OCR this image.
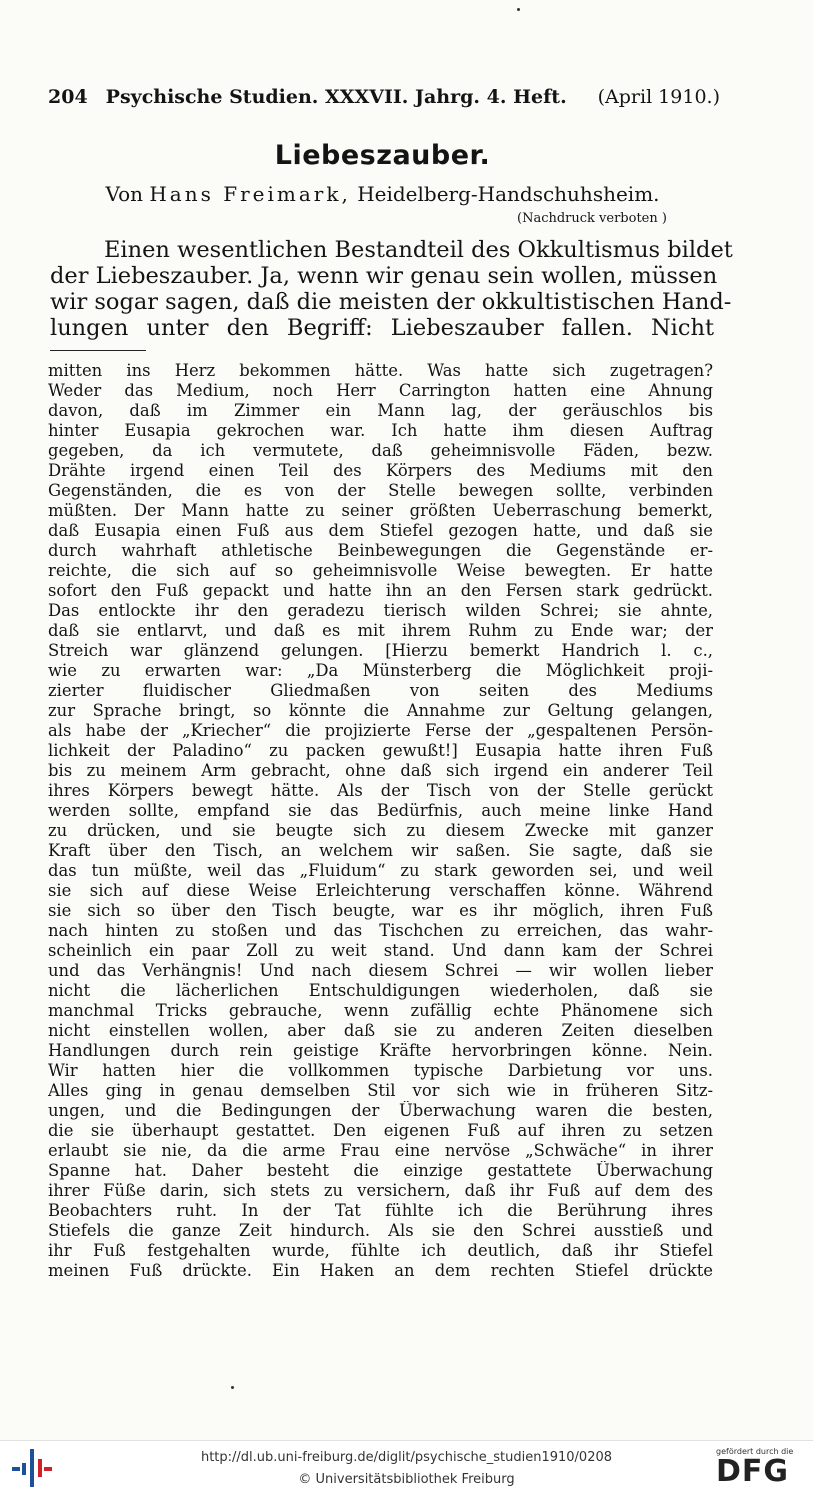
204 Psychische Studien. XXXVII. Jahrg. 4. Heft.	(April 1910.)
Liebeszauber.
Von Hans Freimark, Heidelberg-Handschuhsheim.
(Nachdruck verboten )

Einen wesentlichen Bestandteil des Okkultismus bildet

der Liebeszauber. Ja, wenn wir genau sein wollen, müssen

wir sogar sagen, daß die meisten der okkultistischen Hand-

lungen unter den Begriff: Liebeszauber fallen. Nicht

mitten ins Herz bekommen hätte. Was hatte sich zugetragen?

Weder das Medium, noch Herr Carrington hatten eine Ahnung

davon, daß im Zimmer ein Mann lag, der geräuschlos bis

hinter Eusapia gekrochen war. Ich hatte ihm diesen Auftrag

gegeben, da ich vermutete, daß geheimnisvolle Fäden, bezw.

Drähte irgend einen Teil des Körpers des Mediums mit den

Gegenständen, die es von der Stelle bewegen sollte, verbinden

müßten. Der Mann hatte zu seiner größten Ueberraschung bemerkt,

daß Eusapia einen Fuß aus dem Stiefel gezogen hatte, und daß sie

durch wahrhaft athletische Beinbewegungen die Gegenstände er-

reichte, die sich auf so geheimnisvolle Weise bewegten. Er hatte

sofort den Fuß gepackt und hatte ihn an den Fersen stark gedrückt.

Das entlockte ihr den geradezu tierisch wilden Schrei; sie ahnte,

daß sie entlarvt, und daß es mit ihrem Ruhm zu Ende war; der

Streich war glänzend gelungen. [Hierzu bemerkt Handrich l. c.,

wie zu erwarten war: „Da Münsterberg die Möglichkeit proji-

zierter fluidischer Gliedmaßen von seiten des Mediums

zur Sprache bringt, so könnte die Annahme zur Geltung gelangen,

als habe der „Kriecher“ die projizierte Ferse der „gespaltenen Persön-

lichkeit der Paladino“ zu packen gewußt!] Eusapia hatte ihren Fuß

bis zu meinem Arm gebracht, ohne daß sich irgend ein anderer Teil

ihres Körpers bewegt hätte. Als der Tisch von der Stelle gerückt

werden sollte, empfand sie das Bedürfnis, auch meine linke Hand

zu drücken, und sie beugte sich zu diesem Zwecke mit ganzer

Kraft über den Tisch, an welchem wir saßen. Sie sagte, daß sie

das tun müßte, weil das „Fluidum“ zu stark geworden sei, und weil

sie sich auf diese Weise Erleichterung verschaffen könne. Während

sie sich so über den Tisch beugte, war es ihr möglich, ihren Fuß

nach hinten zu stoßen und das Tischchen zu erreichen, das wahr-

scheinlich ein paar Zoll zu weit stand. Und dann kam der Schrei

und das Verhängnis! Und nach diesem Schrei — wir wollen lieber

nicht die lächerlichen Entschuldigungen wiederholen, daß sie

manchmal Tricks gebrauche, wenn zufällig echte Phänomene sich

nicht einstellen wollen, aber daß sie zu anderen Zeiten dieselben

Handlungen durch rein geistige Kräfte hervorbringen könne. Nein.

Wir hatten hier die vollkommen typische Darbietung vor uns.

Alles ging in genau demselben Stil vor sich wie in früheren Sitz-

ungen, und die Bedingungen der Überwachung waren die besten,

die sie überhaupt gestattet. Den eigenen Fuß auf ihren zu setzen

erlaubt sie nie, da die arme Frau eine nervöse „Schwäche“ in ihrer

Spanne hat. Daher besteht die einzige gestattete Überwachung

ihrer Füße darin, sich stets zu versichern, daß ihr Fuß auf dem des

Beobachters ruht. In der Tat fühlte ich die Berührung ihres

Stiefels die ganze Zeit hindurch. Als sie den Schrei ausstieß und

ihr Fuß festgehalten wurde, fühlte ich deutlich, daß ihr Stiefel

meinen Fuß drückte. Ein Haken an dem rechten Stiefel drückte

http://dl.ub.uni-freiburg.de/diglit/psychische_studien1910/0208
© Universitätsbibliothek Freiburg
gefördert durch die
DFG
